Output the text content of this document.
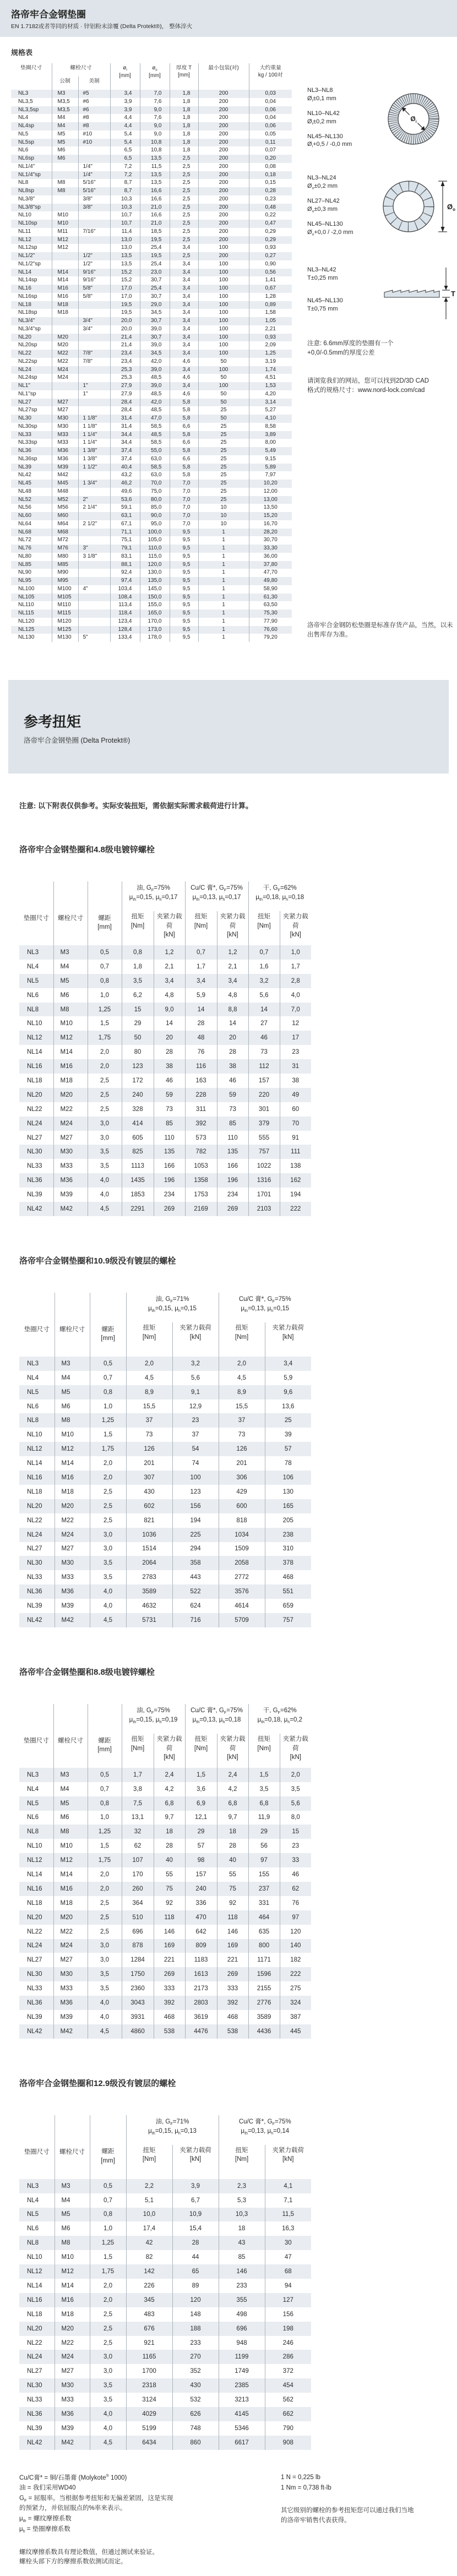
洛帝牢合金钢垫圈

EN 1.7182或者等同的材质 · 锌铝粉末涂覆 (Delta Protekt®)， 整体淬火

规格表
垫圈尺寸	螺栓尺寸		$ø_i$
[mm]	$ø_o$
[mm]	厚度 T
[mm]	最小包装(对)	大约重量
kg / 100对
	公制	美制					
NL3	M3	#5	3,4	7,0	1,8	200	0,03
NL3,5	M3,5	#6	3,9	7,6	1,8	200	0,04
NL3,5sp	M3,5	#6	3,9	9,0	1,8	200	0,06
NL4	M4	#8	4,4	7,6	1,8	200	0,04
NL4sp	M4	#8	4,4	9,0	1,8	200	0,06
NL5	M5	#10	5,4	9,0	1,8	200	0,05
NL5sp	M5	#10	5,4	10,8	1,8	200	0,11
NL6	M6		6,5	10,8	1,8	200	0,07
NL6sp	M6		6,5	13,5	2,5	200	0,20
NL1/4"		1/4"	7,2	11,5	2,5	200	0,08
NL1/4"sp		1/4"	7,2	13,5	2,5	200	0,18
NL8	M8	5/16"	8,7	13,5	2,5	200	0,15
NL8sp	M8	5/16"	8,7	16,6	2,5	200	0,28
NL3/8"		3/8"	10,3	16,6	2,5	200	0,23
NL3/8"sp		3/8"	10,3	21,0	2,5	200	0,48
NL10	M10		10,7	16,6	2,5	200	0,22
NL10sp	M10		10,7	21,0	2,5	200	0,47
NL11	M11	7/16"	11,4	18,5	2,5	200	0,29
NL12	M12		13,0	19,5	2,5	200	0,29
NL12sp	M12		13,0	25,4	3,4	100	0,93
NL1/2"		1/2"	13,5	19,5	2,5	200	0,27
NL1/2"sp		1/2"	13,5	25,4	3,4	100	0,90
NL14	M14	9/16"	15,2	23,0	3,4	100	0,56
NL14sp	M14	9/16"	15,2	30,7	3,4	100	1,41
NL16	M16	5/8"	17,0	25,4	3,4	100	0,67
NL16sp	M16	5/8"	17,0	30,7	3,4	100	1,28
NL18	M18		19,5	29,0	3,4	100	0,89
NL18sp	M18		19,5	34,5	3,4	100	1,58
NL3/4"		3/4"	20,0	30,7	3,4	100	1,05
NL3/4"sp		3/4"	20,0	39,0	3,4	100	2,21
NL20	M20		21,4	30,7	3,4	100	0,93
NL20sp	M20		21,4	39,0	3,4	100	2,09
NL22	M22	7/8"	23,4	34,5	3,4	100	1,25
NL22sp	M22	7/8"	23,4	42,0	4,6	50	3,19
NL24	M24		25,3	39,0	3,4	100	1,74
NL24sp	M24		25,3	48,5	4,6	50	4,51
NL1"		1"	27,9	39,0	3,4	100	1,53
NL1"sp		1"	27,9	48,5	4,6	50	4,20
NL27	M27		28,4	42,0	5,8	50	3,14
NL27sp	M27		28,4	48,5	5,8	25	5,27
NL30	M30	1 1/8"	31,4	47,0	5,8	50	4,10
NL30sp	M30	1 1/8"	31,4	58,5	6,6	25	8,58
NL33	M33	1 1/4"	34,4	48,5	5,8	25	3,89
NL33sp	M33	1 1/4"	34,4	58,5	6,6	25	8,00
NL36	M36	1 3/8"	37,4	55,0	5,8	25	5,49
NL36sp	M36	1 3/8"	37,4	63,0	6,6	25	9,15
NL39	M39	1 1/2"	40,4	58,5	5,8	25	5,89
NL42	M42		43,2	63,0	5,8	25	7,97
NL45	M45	1 3/4"	46,2	70,0	7,0	25	10,20
NL48	M48		49,6	75,0	7,0	25	12,00
NL52	M52	2"	53,6	80,0	7,0	25	13,00
NL56	M56	2 1/4"	59,1	85,0	7,0	10	13,50
NL60	M60		63,1	90,0	7,0	10	15,20
NL64	M64	2 1/2"	67,1	95,0	7,0	10	16,70
NL68	M68		71,1	100,0	9,5	1	28,20
NL72	M72		75,1	105,0	9,5	1	30,70
NL76	M76	3"	79,1	110,0	9,5	1	33,30
NL80	M80	3 1/8"	83,1	115,0	9,5	1	36,00
NL85	M85		88,1	120,0	9,5	1	37,80
NL90	M90		92,4	130,0	9,5	1	47,70
NL95	M95		97,4	135,0	9,5	1	49,80
NL100	M100	4"	103,4	145,0	9,5	1	58,90
NL105	M105		108,4	150,0	9,5	1	61,30
NL110	M110		113,4	155,0	9,5	1	63,50
NL115	M115		118,4	165,0	9,5	1	75,30
NL120	M120		123,4	170,0	9,5	1	77,90
NL125	M125		128,4	173,0	9,5	1	76,60
NL130	M130	5"	133,4	178,0	9,5	1	79,20
NL3–NL8
$Ø_i\pm 0,1$ mm
NL10–NL42
$Ø_i\pm 0,2$ mm
NL45–NL130
$Ø_i+0,5 / -0,0$ mm
$Ø_i$
NL3–NL24
$Ø_o\pm 0,2$ mm
NL27–NL42
$Ø_o\pm 0,3$ mm
NL45–NL130
$Ø_o+0,0 / -2,0$ mm
$Ø_o$
NL3–NL42
T±0,25 mm
NL45–NL130
T±0,75 mm
T
注意: 6.6mm厚度的垫圈有一个
+0,0/-0.5mm的厚度公差
请浏览我们的网站，您可以找到2D/3D CAD
格式的规格尺寸：www.nord-lock.com/cad
洛帝牢合金钢防松垫圈是标准存货产品，当然，以未出售库存为准。
参考扭矩

洛帝牢合金钢垫圈 (Delta Protekt®)

注意: 以下附表仅供参考。实际安装扭矩，需依据实际需求载荷进行计算。

洛帝牢合金钢垫圈和4.8级电镀锌螺栓
垫圈尺寸	螺栓尺寸	螺距
[mm]	油, $G_F=75\%$
$\mu_{th}=0,15$, $\mu_h=0,17$		Cu/C 膏*, $G_F=75\%$
$\mu_{th}=0,13$, $\mu_h=0,17$		干, $G_F=62\%$
$\mu_{th}=0,18$, $\mu_h=0,18$	
			扭矩
[Nm]	夹紧力载荷
[kN]	扭矩
[Nm]	夹紧力载荷
[kN]	扭矩
[Nm]	夹紧力载荷
[kN]
NL3	M3	0,5	0,8	1,2	0,7	1,2	0,7	1,0
NL4	M4	0,7	1,8	2,1	1,7	2,1	1,6	1,7
NL5	M5	0,8	3,5	3,4	3,4	3,4	3,2	2,8
NL6	M6	1,0	6,2	4,8	5,9	4,8	5,6	4,0
NL8	M8	1,25	15	9,0	14	8,8	14	7,0
NL10	M10	1,5	29	14	28	14	27	12
NL12	M12	1,75	50	20	48	20	46	17
NL14	M14	2,0	80	28	76	28	73	23
NL16	M16	2,0	123	38	116	38	112	31
NL18	M18	2,5	172	46	163	46	157	38
NL20	M20	2,5	240	59	228	59	220	49
NL22	M22	2,5	328	73	311	73	301	60
NL24	M24	3,0	414	85	392	85	379	70
NL27	M27	3,0	605	110	573	110	555	91
NL30	M30	3,5	825	135	782	135	757	111
NL33	M33	3,5	1113	166	1053	166	1022	138
NL36	M36	4,0	1435	196	1358	196	1316	162
NL39	M39	4,0	1853	234	1753	234	1701	194
NL42	M42	4,5	2291	269	2169	269	2103	222
洛帝牢合金钢垫圈和10.9级没有镀层的螺栓
垫圈尺寸	螺栓尺寸	螺距
[mm]	油, $G_F=71\%$
$\mu_{th}=0,15$, $\mu_h=0,15$		Cu/C 膏*, $G_F=75\%$
$\mu_{th}=0,13$, $\mu_h=0,15$	
			扭矩
[Nm]	夹紧力载荷
[kN]	扭矩
[Nm]	夹紧力载荷
[kN]
NL3	M3	0,5	2,0	3,2	2,0	3,4
NL4	M4	0,7	4,5	5,6	4,5	5,9
NL5	M5	0,8	8,9	9,1	8,9	9,6
NL6	M6	1,0	15,5	12,9	15,5	13,6
NL8	M8	1,25	37	23	37	25
NL10	M10	1,5	73	37	73	39
NL12	M12	1,75	126	54	126	57
NL14	M14	2,0	201	74	201	78
NL16	M16	2,0	307	100	306	106
NL18	M18	2,5	430	123	429	130
NL20	M20	2,5	602	156	600	165
NL22	M22	2,5	821	194	818	205
NL24	M24	3,0	1036	225	1034	238
NL27	M27	3,0	1514	294	1509	310
NL30	M30	3,5	2064	358	2058	378
NL33	M33	3,5	2783	443	2772	468
NL36	M36	4,0	3589	522	3576	551
NL39	M39	4,0	4632	624	4614	659
NL42	M42	4,5	5731	716	5709	757
洛帝牢合金钢垫圈和8.8级电镀锌螺栓
垫圈尺寸	螺栓尺寸	螺距
[mm]	油, $G_F=75\%$
$\mu_{th}=0,15$, $\mu_h=0,19$		Cu/C 膏*, $G_F=75\%$
$\mu_{th}=0,13$, $\mu_h=0,18$		干, $G_F=62\%$
$\mu_{th}=0,18$, $\mu_h=0,2$	
			扭矩
[Nm]	夹紧力载荷
[kN]	扭矩
[Nm]	夹紧力载荷
[kN]	扭矩
[Nm]	夹紧力载荷
[kN]
NL3	M3	0,5	1,7	2,4	1,5	2,4	1,5	2,0
NL4	M4	0,7	3,8	4,2	3,6	4,2	3,5	3,5
NL5	M5	0,8	7,5	6,8	6,9	6,8	6,8	5,6
NL6	M6	1,0	13,1	9,7	12,1	9,7	11,9	8,0
NL8	M8	1,25	32	18	29	18	29	15
NL10	M10	1,5	62	28	57	28	56	23
NL12	M12	1,75	107	40	98	40	97	33
NL14	M14	2,0	170	55	157	55	155	46
NL16	M16	2,0	260	75	240	75	237	62
NL18	M18	2,5	364	92	336	92	331	76
NL20	M20	2,5	510	118	470	118	464	97
NL22	M22	2,5	696	146	642	146	635	120
NL24	M24	3,0	878	169	809	169	800	140
NL27	M27	3,0	1284	221	1183	221	1171	182
NL30	M30	3,5	1750	269	1613	269	1596	222
NL33	M33	3,5	2360	333	2173	333	2155	275
NL36	M36	4,0	3043	392	2803	392	2776	324
NL39	M39	4,0	3931	468	3619	468	3589	387
NL42	M42	4,5	4860	538	4476	538	4436	445
洛帝牢合金钢垫圈和12.9级没有镀层的螺栓
垫圈尺寸	螺栓尺寸	螺距
[mm]	油, $G_F=71\%$
$\mu_{th}=0,15$, $\mu_h=0,13$		Cu/C 膏*, $G_F=75\%$
$\mu_{th}=0,13$, $\mu_h=0,14$	
			扭矩
[Nm]	夹紧力载荷
[kN]	扭矩
[Nm]	夹紧力载荷
[kN]
NL3	M3	0,5	2,2	3,9	2,3	4,1
NL4	M4	0,7	5,1	6,7	5,3	7,1
NL5	M5	0,8	10,0	10,9	10,3	11,5
NL6	M6	1,0	17,4	15,4	18	16,3
NL8	M8	1,25	42	28	43	30
NL10	M10	1,5	82	44	85	47
NL12	M12	1,75	142	65	146	68
NL14	M14	2,0	226	89	233	94
NL16	M16	2,0	345	120	355	127
NL18	M18	2,5	483	148	498	156
NL20	M20	2,5	676	188	696	198
NL22	M22	2,5	921	233	948	246
NL24	M24	3,0	1165	270	1199	286
NL27	M27	3,0	1700	352	1749	372
NL30	M30	3,5	2318	430	2385	454
NL33	M33	3,5	3124	532	3213	562
NL36	M36	4,0	4029	626	4145	662
NL39	M39	4,0	5199	748	5346	790
NL42	M42	4,5	6434	860	6617	908

Cu/C膏* = 铜/石墨膏 (Molykote® 1000)

油 = 我们采用WD40

$G_F$ = 屈服率。当根据参考扭矩和无偏差紧固，这是实现
的预紧力，并依屈服点的%率来表示。

$\mu_{th}$ = 螺纹摩擦系数

$\mu_h$ = 垫圈摩擦系数

螺纹摩擦系数具有理论数值，但通过测试来验证。
螺栓头部下方的摩擦系数依测试而定。

1 N = 0,225 lb

1 Nm = 0,738 ft-lb

其它级别的螺栓的参考扭矩您可以通过我们当地
的洛帝牢销售代表获得。
